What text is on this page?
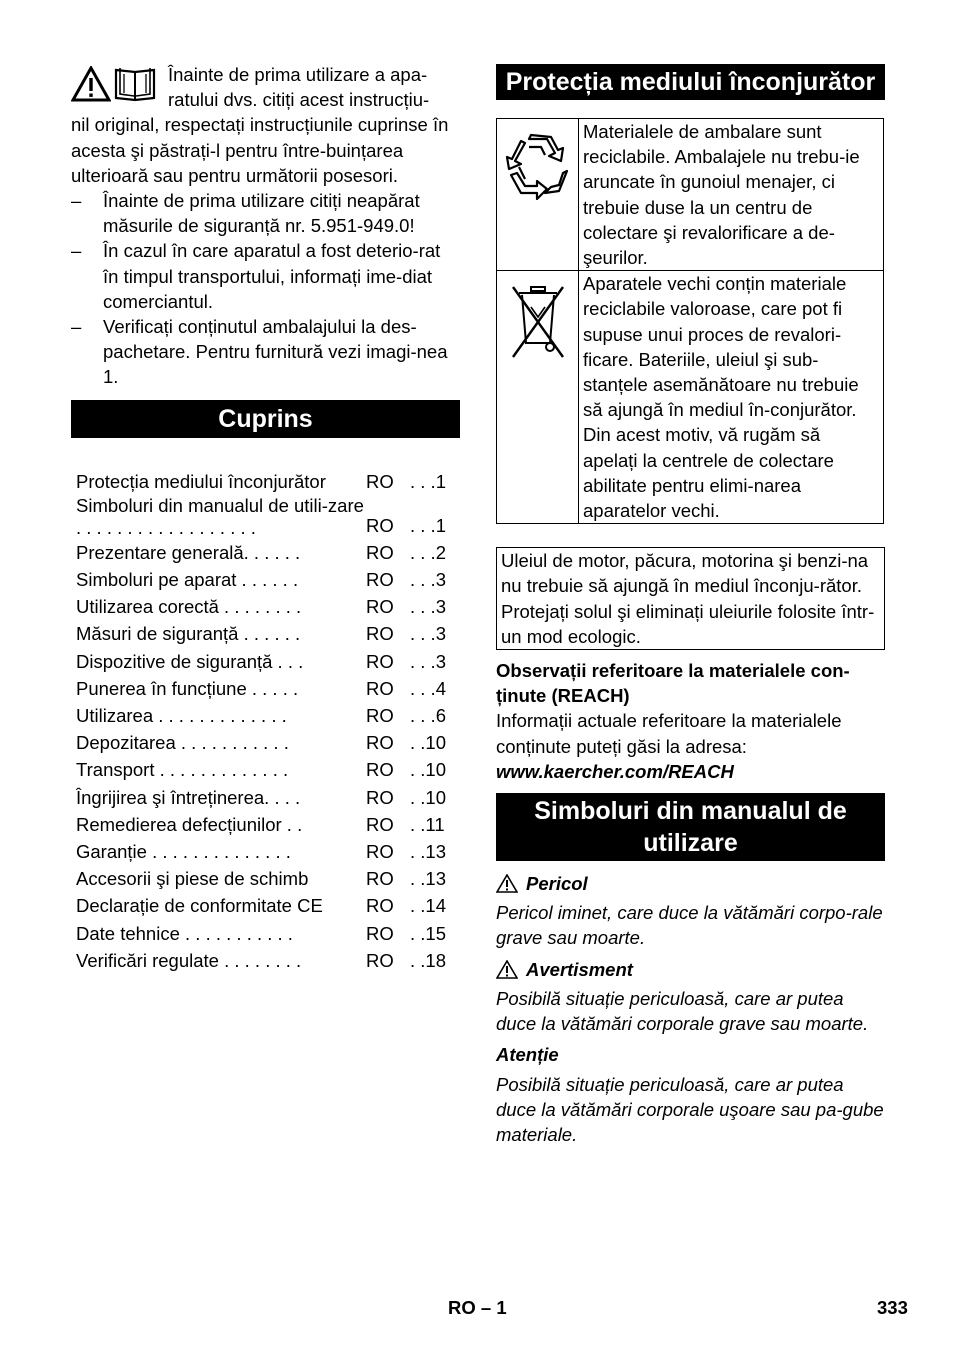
Înainte de prima utilizare a apa-ratului dvs. citiți acest instrucțiu-

nil original, respectați instrucțiunile cuprinse în acesta şi păstrați-l pentru între-buințarea ulterioară sau pentru următorii posesori.

– Înainte de prima utilizare citiți neapărat măsurile de siguranță nr. 5.951-949.0!
– În cazul în care aparatul a fost deterio-rat în timpul transportului, informați ime-diat comerciantul.
– Verificați conținutul ambalajului la des-pachetare. Pentru furnitură vezi imagi-nea 1.
Cuprins
Protecția mediului înconjurător	RO . . .1
Simboluri din manualul de utili-zare . . . . . . . . . . . . . . . . . .	RO . . .1
Prezentare generală. . . . . .	RO . . .2
Simboluri pe aparat . . . . . .	RO . . .3
Utilizarea corectă . . . . . . . .	RO . . .3
Măsuri de siguranță . . . . . .	RO . . .3
Dispozitive de siguranță . . .	RO . . .3
Punerea în funcțiune . . . . .	RO . . .4
Utilizarea . . . . . . . . . . . . .	RO . . .6
Depozitarea . . . . . . . . . . .	RO . .10
Transport . . . . . . . . . . . . .	RO . .10
Îngrijirea şi întreținerea. . . .	RO . .10
Remedierea defecțiunilor . .	RO . .11
Garanție . . . . . . . . . . . . . .	RO . .13
Accesorii şi piese de schimb	RO . .13
Declarație de conformitate CE	RO . .14
Date tehnice . . . . . . . . . . .	RO . .15
Verificări regulate . . . . . . . .	RO . .18
Protecția mediului înconjurător
	Materialele de ambalare sunt reciclabile. Ambalajele nu trebu-ie aruncate în gunoiul menajer, ci trebuie duse la un centru de colectare şi revalorificare a de-şeurilor.
	Aparatele vechi conțin materiale reciclabile valoroase, care pot fi supuse unui proces de revalori-ficare. Bateriile, uleiul şi sub-stanțele asemănătoare nu trebuie să ajungă în mediul în-conjurător. Din acest motiv, vă rugăm să apelați la centrele de colectare abilitate pentru elimi-narea aparatelor vechi.
Uleiul de motor, păcura, motorina şi benzi-na nu trebuie să ajungă în mediul înconju-rător. Protejați solul şi eliminați uleiurile folosite într-un mod ecologic.
Observații referitoare la materialele con-ținute (REACH)
Informații actuale referitoare la materialele conținute puteți găsi la adresa:
www.kaercher.com/REACH
Simboluri din manualul de utilizare
Pericol
Pericol iminet, care duce la vătămări corpo-rale grave sau moarte.
Avertisment
Posibilă situație periculoasă, care ar putea duce la vătămări corporale grave sau moarte.
Atenție
Posibilă situație periculoasă, care ar putea duce la vătămări corporale uşoare sau pa-gube materiale.
RO – 1	333
